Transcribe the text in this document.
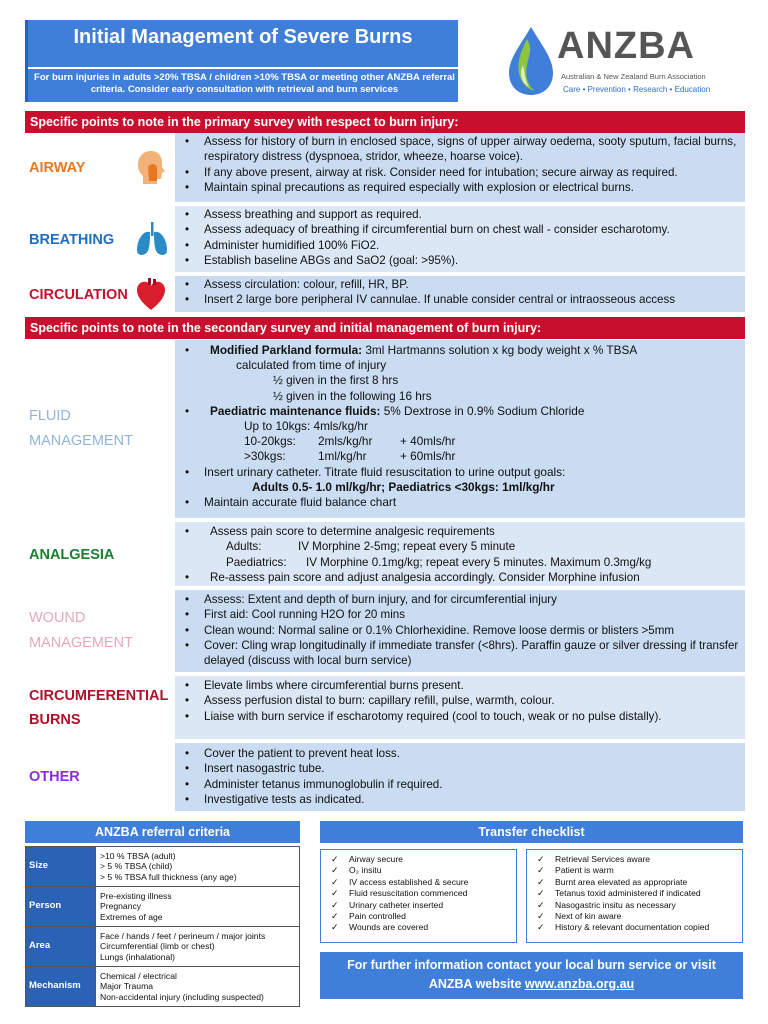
Initial Management of Severe Burns
For burn injuries in adults >20% TBSA / children >10% TBSA or meeting other ANZBA referral criteria. Consider early consultation with retrieval and burn services
ANZBA
Australian & New Zealand Burn Association
Care • Prevention • Research • Education
Specific points to note in the primary survey with respect to burn injury:
AIRWAY
• Assess for history of burn in enclosed space, signs of upper airway oedema, sooty sputum, facial burns, respiratory distress (dyspnoea, stridor, wheeze, hoarse voice).
• If any above present, airway at risk. Consider need for intubation; secure airway as required.
• Maintain spinal precautions as required especially with explosion or electrical burns.
BREATHING
• Assess breathing and support as required.
• Assess adequacy of breathing if circumferential burn on chest wall - consider escharotomy.
• Administer humidified 100% FiO2.
• Establish baseline ABGs and SaO2 (goal: >95%).
CIRCULATION
• Assess circulation: colour, refill, HR, BP.
• Insert 2 large bore peripheral IV cannulae. If unable consider central or intraosseous access
Specific points to note in the secondary survey and initial management of burn injury:
FLUID
MANAGEMENT
• Modified Parkland formula: 3ml Hartmanns solution x kg body weight x % TBSA
calculated from time of injury
½ given in the first 8 hrs
½ given in the following 16 hrs
• Paediatric maintenance fluids: 5% Dextrose in 0.9% Sodium Chloride
Up to 10kgs: 4mls/kg/hr
10-20kgs: 2mls/kg/hr + 40mls/hr
>30kgs:	1ml/kg/hr	+ 60mls/hr
• Insert urinary catheter. Titrate fluid resuscitation to urine output goals:
Adults 0.5- 1.0 ml/kg/hr; Paediatrics <30kgs: 1ml/kg/hr
• Maintain accurate fluid balance chart
ANALGESIA
• Assess pain score to determine analgesic requirements
Adults:	IV Morphine 2-5mg; repeat every 5 minute
Paediatrics: IV Morphine 0.1mg/kg; repeat every 5 minutes. Maximum 0.3mg/kg
• Re-assess pain score and adjust analgesia accordingly. Consider Morphine infusion
WOUND
MANAGEMENT
• Assess: Extent and depth of burn injury, and for circumferential injury
• First aid: Cool running H2O for 20 mins
• Clean wound: Normal saline or 0.1% Chlorhexidine. Remove loose dermis or blisters >5mm
• Cover: Cling wrap longitudinally if immediate transfer (<8hrs). Paraffin gauze or silver dressing if transfer delayed (discuss with local burn service)
CIRCUMFERENTIAL
BURNS
• Elevate limbs where circumferential burns present.
• Assess perfusion distal to burn: capillary refill, pulse, warmth, colour.
• Liaise with burn service if escharotomy required (cool to touch, weak or no pulse distally).
OTHER
• Cover the patient to prevent heat loss.
• Insert nasogastric tube.
• Administer tetanus immunoglobulin if required.
• Investigative tests as indicated.
ANZBA referral criteria
Size	>10 % TBSA (adult)
> 5 % TBSA (child)
> 5 % TBSA full thickness (any age)

Person	Pre-existing illness
Pregnancy
Extremes of age

Area	Face / hands / feet / perineum / major joints
Circumferential (limb or chest)
Lungs (inhalational)

Mechanism	Chemical / electrical
Major Trauma
Non-accidental injury (including suspected)
Transfer checklist
✓ Airway secure
✓ O₂ insitu
✓ IV access established & secure
✓ Fluid resuscitation commenced
✓ Urinary catheter inserted
✓ Pain controlled
✓ Wounds are covered
✓ Retrieval Services aware
✓ Patient is warm
✓ Burnt area elevated as appropriate
✓ Tetanus toxid administered if indicated
✓ Nasogastric insitu as necessary
✓ Next of kin aware
✓ History & relevant documentation copied
For further information contact your local burn service or visit
ANZBA website www.anzba.org.au
